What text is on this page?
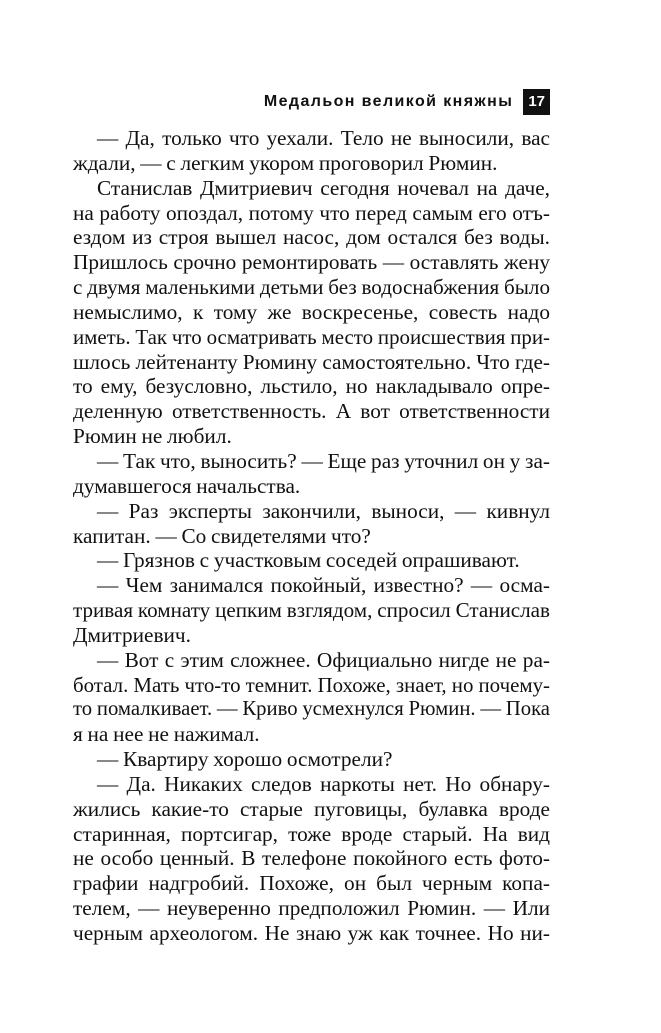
Медальон великой княжны	17
— Да, только что уехали. Тело не выносили, вас
ждали, — с легким укором проговорил Рюмин.
Станислав Дмитриевич сегодня ночевал на даче,
на работу опоздал, потому что перед самым его отъ-
ездом из строя вышел насос, дом остался без воды.
Пришлось срочно ремонтировать — оставлять жену
с двумя маленькими детьми без водоснабжения было
немыслимо, к тому же воскресенье, совесть надо
иметь. Так что осматривать место происшествия при-
шлось лейтенанту Рюмину самостоятельно. Что где-
то ему, безусловно, льстило, но накладывало опре-
деленную ответственность. А вот ответственности
Рюмин не любил.
— Так что, выносить? — Еще раз уточнил он у за-
думавшегося начальства.
— Раз эксперты закончили, выноси, — кивнул
капитан. — Со свидетелями что?
— Грязнов с участковым соседей опрашивают.
— Чем занимался покойный, известно? — осма-
тривая комнату цепким взглядом, спросил Станислав
Дмитриевич.
— Вот с этим сложнее. Официально нигде не ра-
ботал. Мать что-то темнит. Похоже, знает, но почему-
то помалкивает. — Криво усмехнулся Рюмин. — Пока
я на нее не нажимал.
— Квартиру хорошо осмотрели?
— Да. Никаких следов наркоты нет. Но обнару-
жились какие-то старые пуговицы, булавка вроде
старинная, портсигар, тоже вроде старый. На вид
не особо ценный. В телефоне покойного есть фото-
графии надгробий. Похоже, он был черным копа-
телем, — неуверенно предположил Рюмин. — Или
черным археологом. Не знаю уж как точнее. Но ни-
